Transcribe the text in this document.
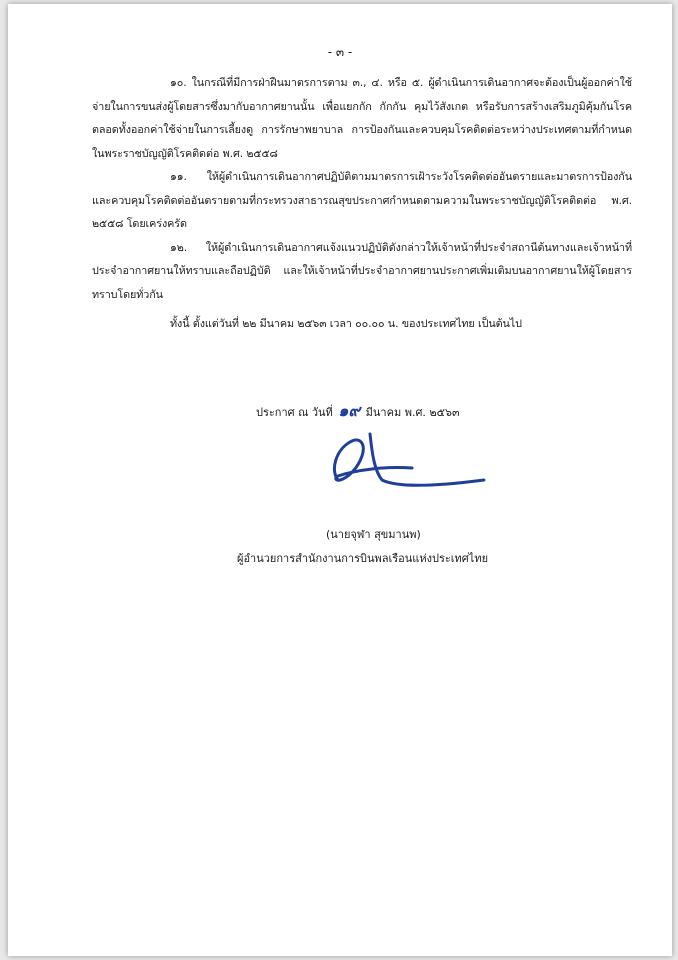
- ๓ -

๑๐. ในกรณีที่มีการฝ่าฝืนมาตรการตาม ๓., ๔. หรือ ๕. ผู้ดำเนินการเดินอากาศจะต้องเป็นผู้ออกค่าใช้จ่ายในการขนส่งผู้โดยสารซึ่งมากับอากาศยานนั้น เพื่อแยกกัก กักกัน คุมไว้สังเกต หรือรับการสร้างเสริมภูมิคุ้มกันโรคตลอดทั้งออกค่าใช้จ่ายในการเลี้ยงดู การรักษาพยาบาล การป้องกันและควบคุมโรคติดต่อระหว่างประเทศตามที่กำหนดในพระราชบัญญัติโรคติดต่อ พ.ศ. ๒๕๕๘

๑๑. ให้ผู้ดำเนินการเดินอากาศปฏิบัติตามมาตรการเฝ้าระวังโรคติดต่ออันตรายและมาตรการป้องกันและควบคุมโรคติดต่ออันตรายตามที่กระทรวงสาธารณสุขประกาศกำหนดตามความในพระราชบัญญัติโรคติดต่อ พ.ศ. ๒๕๕๘ โดยเคร่งครัด

๑๒. ให้ผู้ดำเนินการเดินอากาศแจ้งแนวปฏิบัติดังกล่าวให้เจ้าหน้าที่ประจำสถานีต้นทางและเจ้าหน้าที่ประจำอากาศยานให้ทราบและถือปฏิบัติ และให้เจ้าหน้าที่ประจำอากาศยานประกาศเพิ่มเติมบนอากาศยานให้ผู้โดยสารทราบโดยทั่วกัน

ทั้งนี้ ตั้งแต่วันที่ ๒๒ มีนาคม ๒๕๖๓ เวลา ๐๐.๐๐ น. ของประเทศไทย เป็นต้นไป

ประกาศ ณ วันที่ ๑๙ มีนาคม พ.ศ. ๒๕๖๓
(นายจุฬา สุขมานพ)
ผู้อำนวยการสำนักงานการบินพลเรือนแห่งประเทศไทย
